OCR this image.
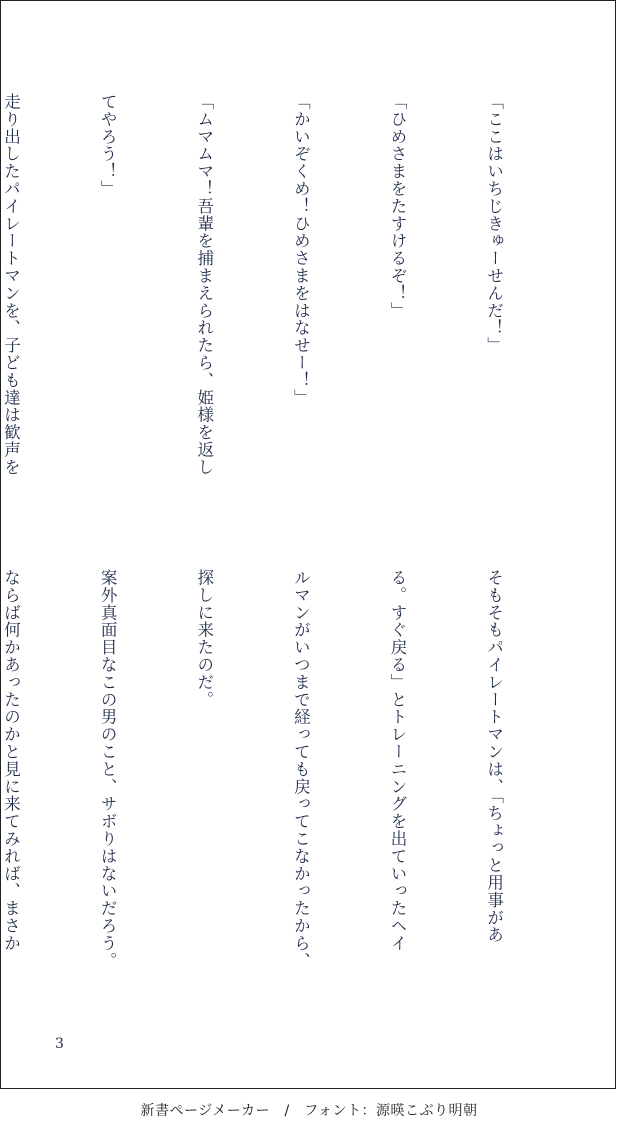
「ここはいちじきゅーせんだ！」

「ひめさまをたすけるぞ！」

「かいぞくめ！ひめさまをはなせー！」

「ムマムマ！吾輩を捕まえられたら、姫様を返し

てやろう！」

走り出したパイレートマンを、子ども達は歓声を

そもそもパイレートマンは、「ちょっと用事があ

る。すぐ戻る」とトレーニングを出ていったヘイ

ルマンがいつまで経っても戻ってこなかったから、

探しに来たのだ。

案外真面目なこの男のこと、サボりはないだろう。

ならば何かあったのかと見に来てみれば、まさか

3
新書ページメーカー　/　フォント：源暎こぶり明朝
